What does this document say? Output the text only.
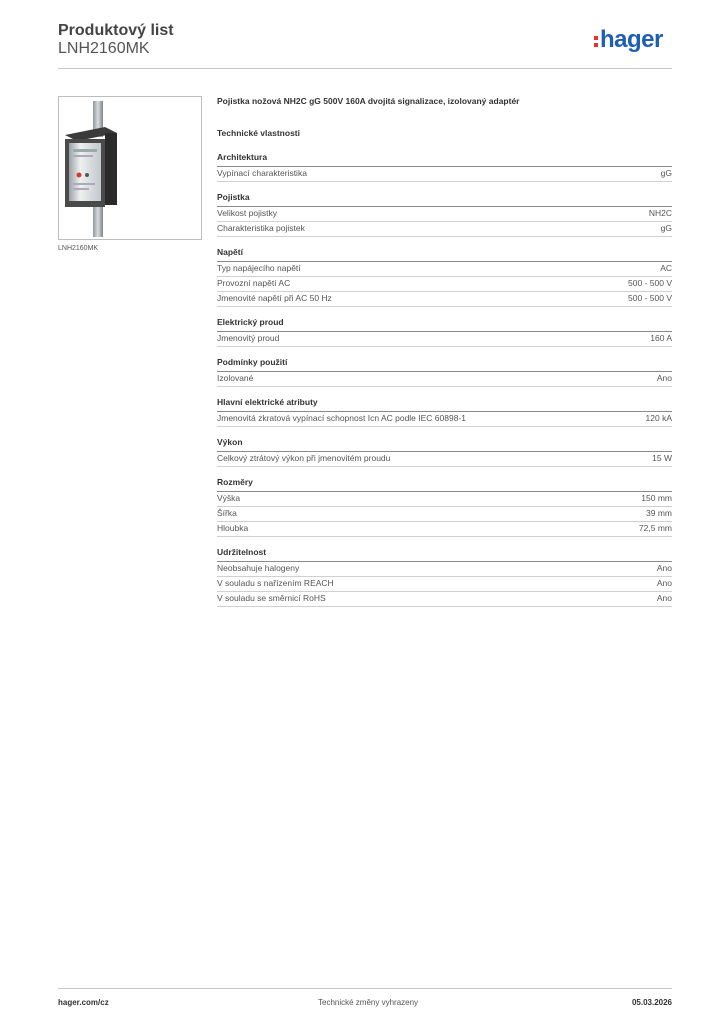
Produktový list
LNH2160MK	hager
LNH2160MK
Pojistka nožová NH2C gG 500V 160A dvojitá signalizace, izolovaný adaptér
Technické vlastnosti
Architektura
Vypínací charakteristika	gG
Pojistka
Velikost pojistky	NH2C
Charakteristika pojistek	gG
Napětí
Typ napájecího napětí	AC
Provozní napětí AC	500 - 500 V
Jmenovité napětí při AC 50 Hz	500 - 500 V
Elektrický proud
Jmenovitý proud	160 A
Podmínky použití
Izolované	Ano
Hlavní elektrické atributy
Jmenovitá zkratová vypínací schopnost Icn AC podle IEC 60898-1	120 kA
Výkon
Celkový ztrátový výkon při jmenovitém proudu	15 W
Rozměry
Výška	150 mm
Šířka	39 mm
Hloubka	72,5 mm
Udržitelnost
Neobsahuje halogeny	Ano
V souladu s nařízením REACH	Ano
V souladu se směrnicí RoHS	Ano
hager.com/cz	Technické změny vyhrazeny	05.03.2026
